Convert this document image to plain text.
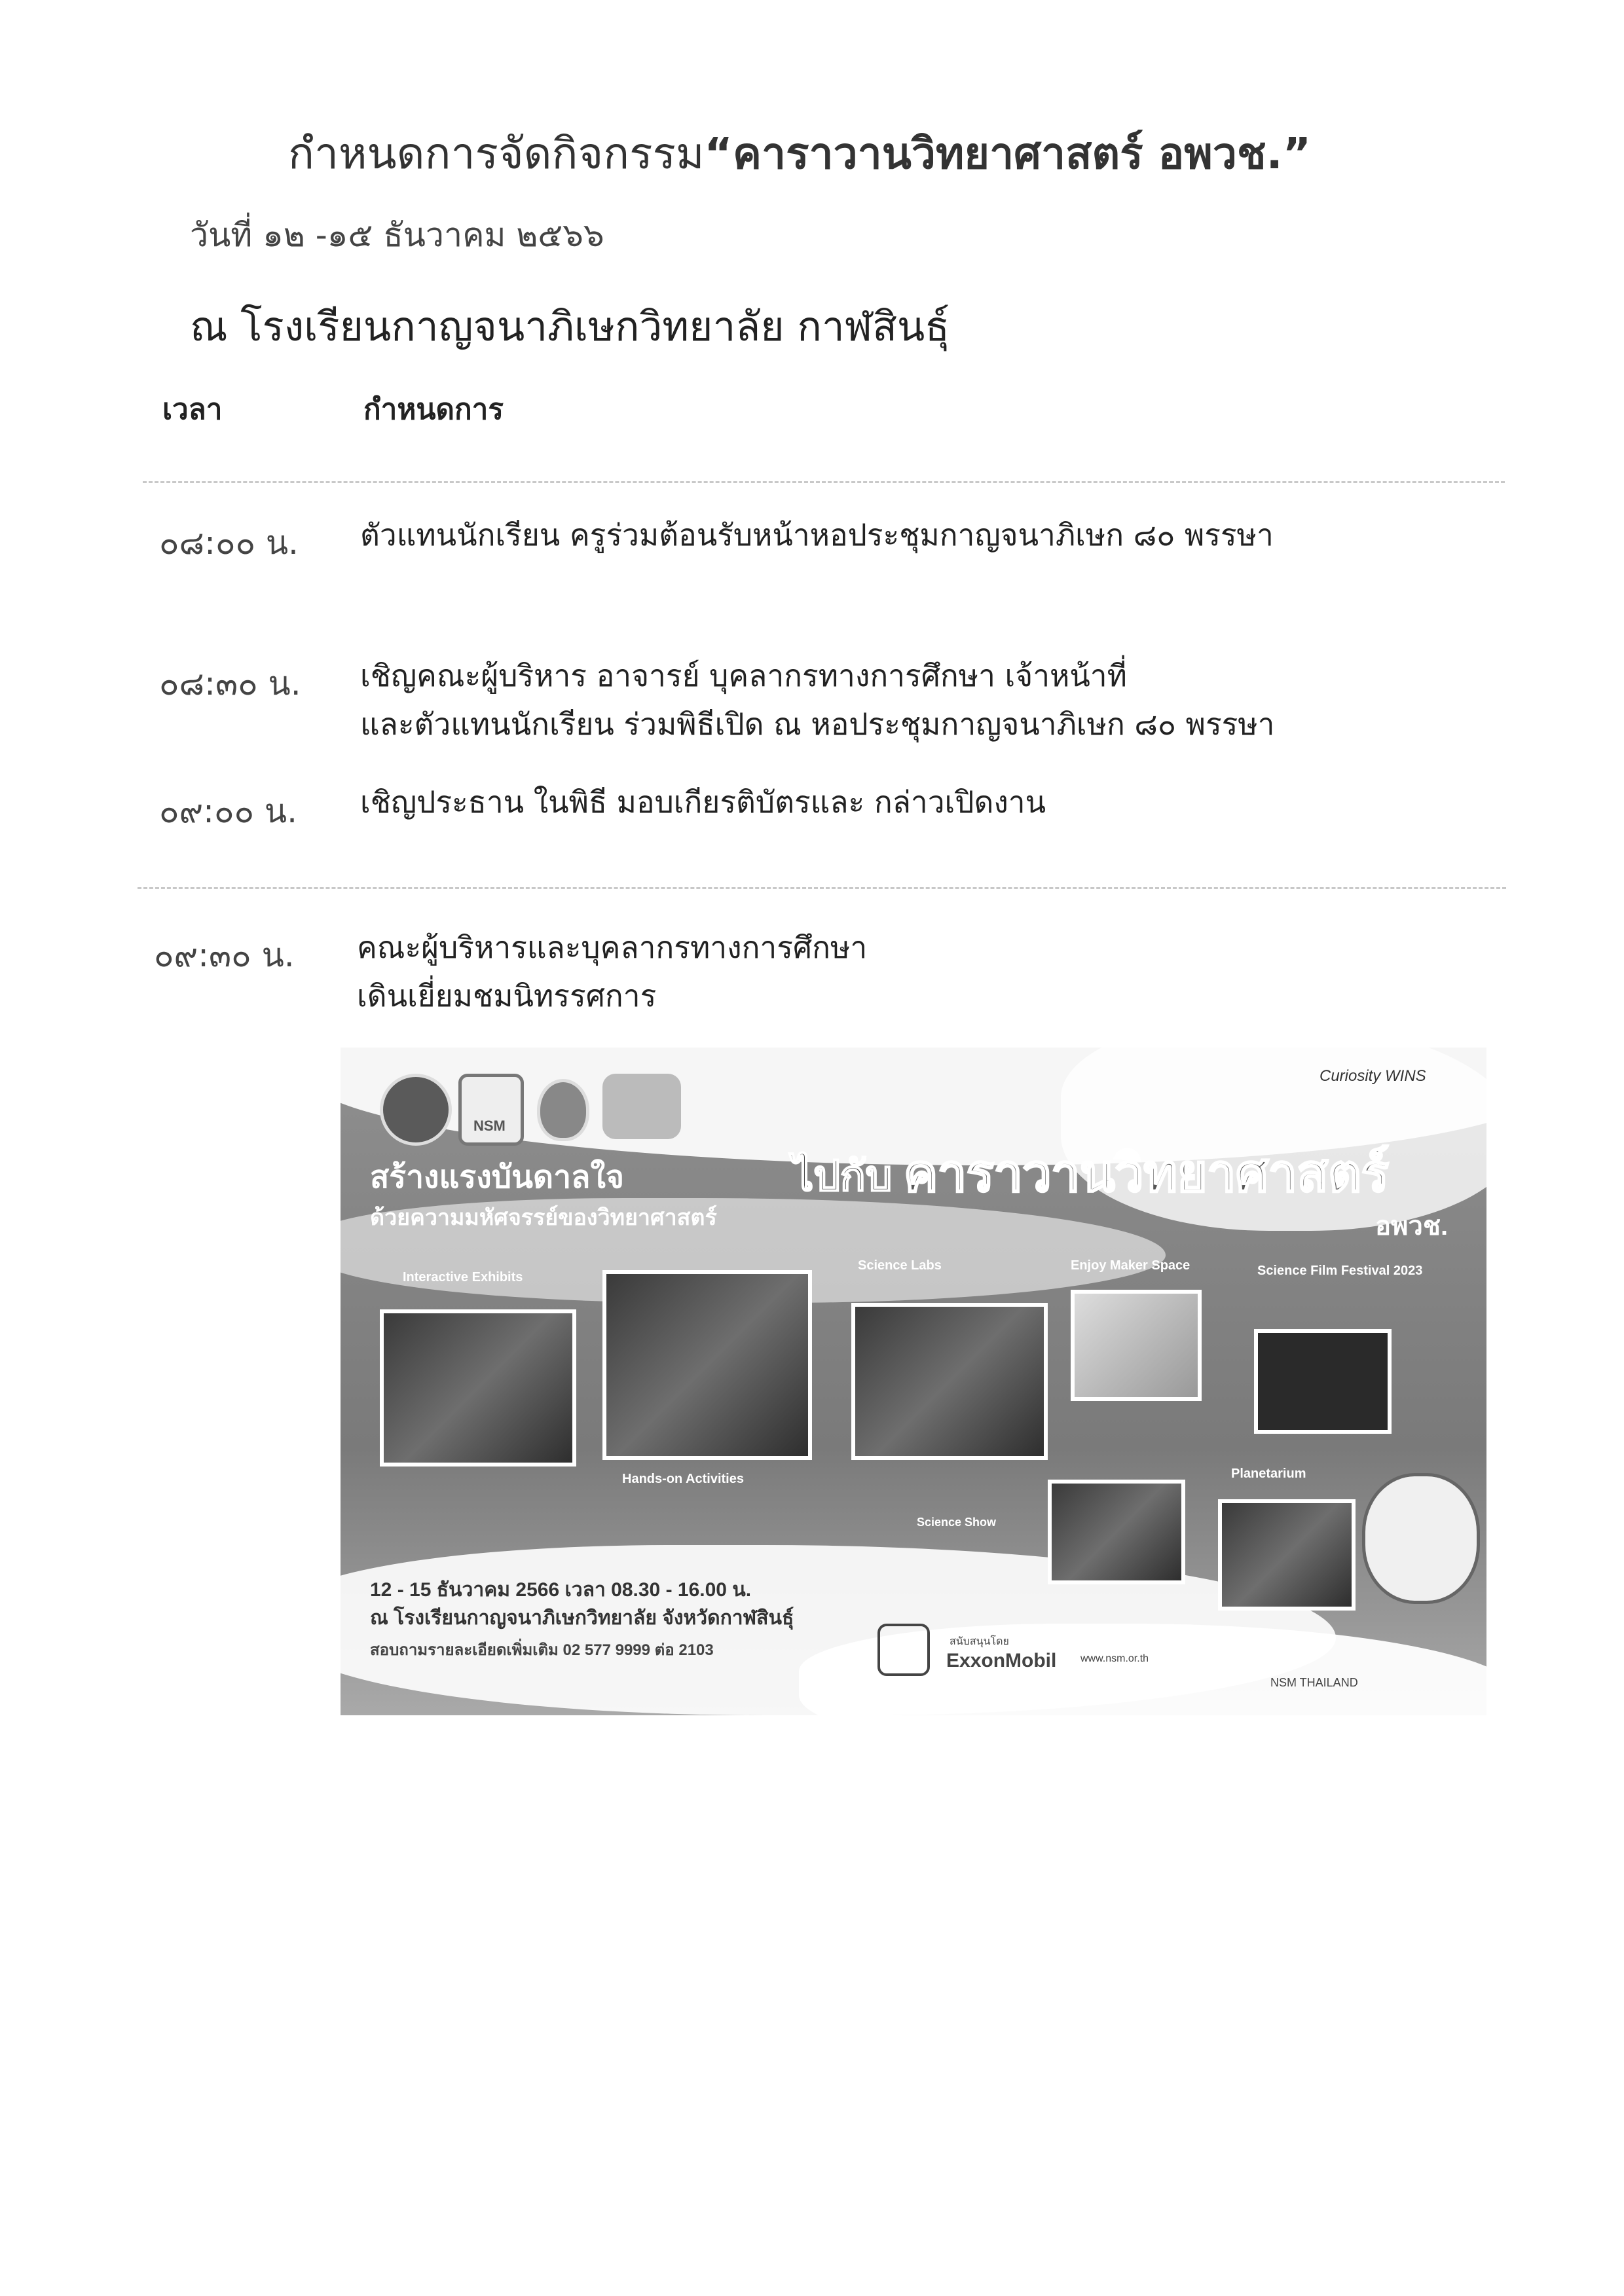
กำหนดการจัดกิจกรรม“คาราวานวิทยาศาสตร์ อพวช.”
วันที่ ๑๒ -๑๕ ธันวาคม ๒๕๖๖
ณ โรงเรียนกาญจนาภิเษกวิทยาลัย กาฬสินธุ์
เวลา	กำหนดการ
๐๘:๐๐ น. ตัวแทนนักเรียน ครูร่วมต้อนรับหน้าหอประชุมกาญจนาภิเษก ๘๐ พรรษา
๐๘:๓๐ น. เชิญคณะผู้บริหาร อาจารย์ บุคลากรทางการศึกษา เจ้าหน้าที่
และตัวแทนนักเรียน ร่วมพิธีเปิด ณ หอประชุมกาญจนาภิเษก ๘๐ พรรษา
๐๙:๐๐ น. เชิญประธาน ในพิธี มอบเกียรติบัตรและ กล่าวเปิดงาน
๐๙:๓๐ น. คณะผู้บริหารและบุคลากรทางการศึกษา
เดินเยี่ยมชมนิทรรศการ
NSM
Curiosity WINS
สร้างแรงบันดาลใจ
ด้วยความมหัศจรรย์ของวิทยาศาสตร์
ไปกับ คาราวานวิทยาศาสตร์
อพวช.
Interactive Exhibits
Science Labs	Enjoy Maker Space	Science Film Festival 2023
Hands-on Activities
Science Show
Planetarium
12 - 15 ธันวาคม 2566 เวลา 08.30 - 16.00 น.
ณ โรงเรียนกาญจนาภิเษกวิทยาลัย จังหวัดกาฬสินธุ์
สอบถามรายละเอียดเพิ่มเติม 02 577 9999 ต่อ 2103	สนับสนุนโดย
ExxonMobil www.nsm.or.th
NSM THAILAND
